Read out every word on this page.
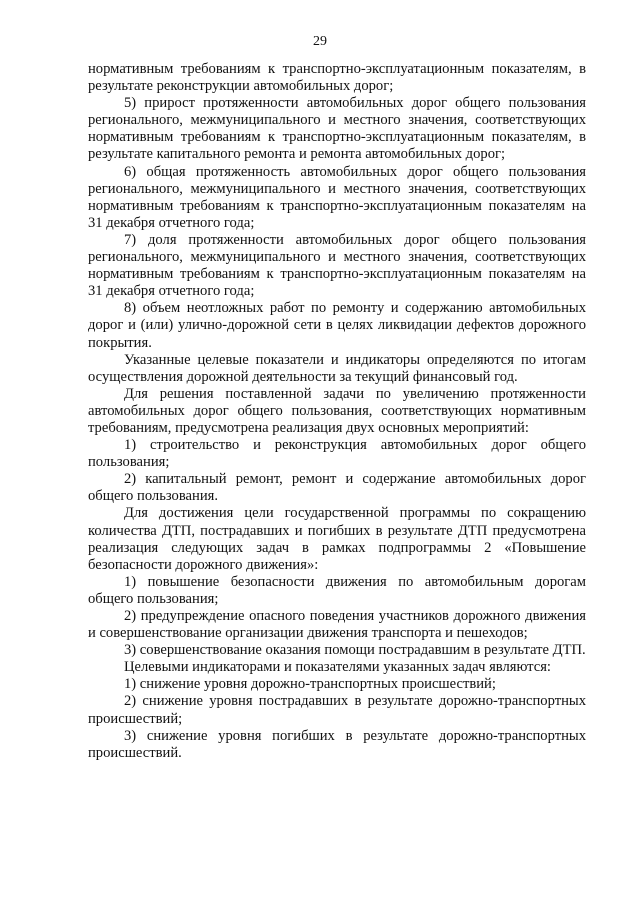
29

нормативным требованиям к транспортно-эксплуатационным показателям, в результате реконструкции автомобильных дорог;

5) прирост протяженности автомобильных дорог общего пользования регионального, межмуниципального и местного значения, соответствующих нормативным требованиям к транспортно-эксплуатационным показателям, в результате капитального ремонта и ремонта автомобильных дорог;

6) общая протяженность автомобильных дорог общего пользования регионального, межмуниципального и местного значения, соответствующих нормативным требованиям к транспортно-эксплуатационным показателям на 31 декабря отчетного года;

7) доля протяженности автомобильных дорог общего пользования регионального, межмуниципального и местного значения, соответствующих нормативным требованиям к транспортно-эксплуатационным показателям на 31 декабря отчетного года;

8) объем неотложных работ по ремонту и содержанию автомобильных дорог и (или) улично-дорожной сети в целях ликвидации дефектов дорожного покрытия.

Указанные целевые показатели и индикаторы определяются по итогам осуществления дорожной деятельности за текущий финансовый год.

Для решения поставленной задачи по увеличению протяженности автомобильных дорог общего пользования, соответствующих нормативным требованиям, предусмотрена реализация двух основных мероприятий:

1) строительство и реконструкция автомобильных дорог общего пользования;

2) капитальный ремонт, ремонт и содержание автомобильных дорог общего пользования.

Для достижения цели государственной программы по сокращению количества ДТП, пострадавших и погибших в результате ДТП предусмотрена реализация следующих задач в рамках подпрограммы 2 «Повышение безопасности дорожного движения»:

1) повышение безопасности движения по автомобильным дорогам общего пользования;

2) предупреждение опасного поведения участников дорожного движения и совершенствование организации движения транспорта и пешеходов;

3) совершенствование оказания помощи пострадавшим в результате ДТП.

Целевыми индикаторами и показателями указанных задач являются:

1) снижение уровня дорожно-транспортных происшествий;

2) снижение уровня пострадавших в результате дорожно-транспортных происшествий;

3) снижение уровня погибших в результате дорожно-транспортных происшествий.
